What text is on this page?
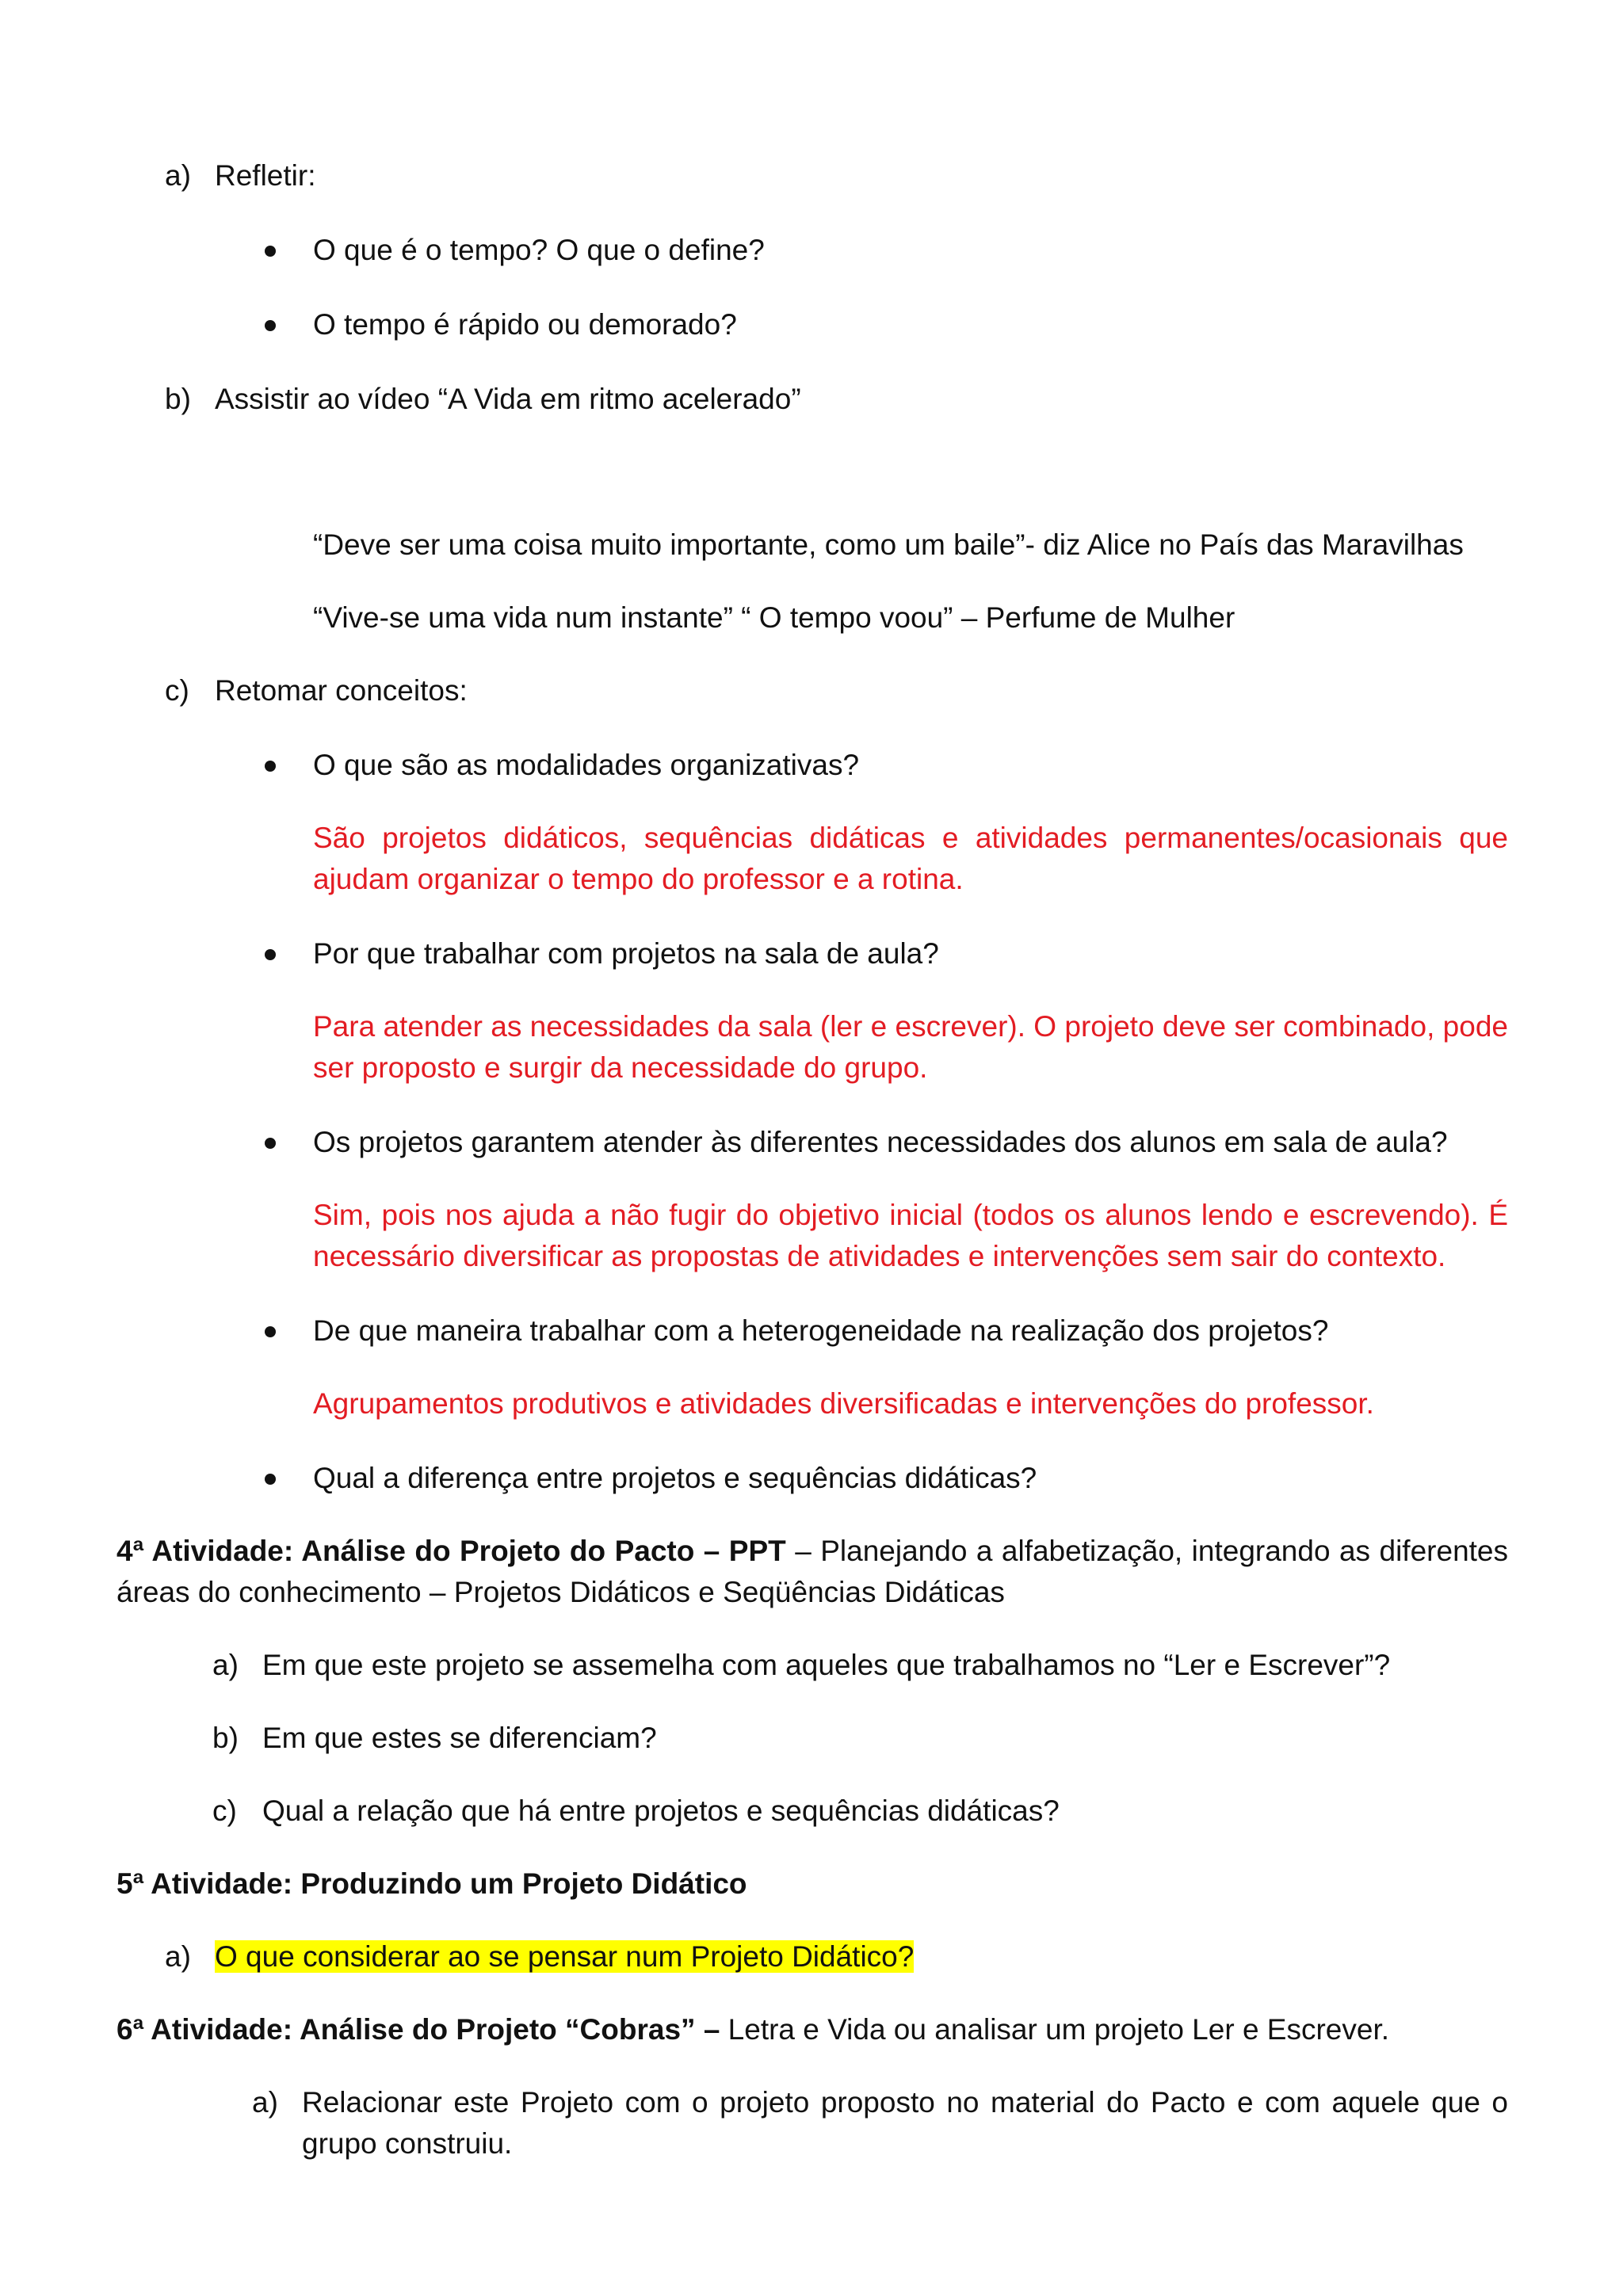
a) Refletir:
O que é o tempo? O que o define?
O tempo é rápido ou demorado?
b) Assistir ao vídeo “A Vida em ritmo acelerado”
“Deve ser uma coisa muito importante, como um baile”- diz Alice no País das Maravilhas
“Vive-se uma vida num instante” “ O tempo voou” – Perfume de Mulher
c) Retomar conceitos:
O que são as modalidades organizativas?
São projetos didáticos, sequências didáticas e atividades permanentes/ocasionais que ajudam organizar o tempo do professor e a rotina.
Por que trabalhar com projetos na sala de aula?
Para atender as necessidades da sala (ler e escrever). O projeto deve ser combinado, pode ser proposto e surgir da necessidade do grupo.
Os projetos garantem atender às diferentes necessidades dos alunos em sala de aula?
Sim, pois nos ajuda a não fugir do objetivo inicial (todos os alunos lendo e escrevendo). É necessário diversificar as propostas de atividades e intervenções sem sair do contexto.
De que maneira trabalhar com a heterogeneidade na realização dos projetos?
Agrupamentos produtivos e atividades diversificadas e intervenções do professor.
Qual a diferença entre projetos e sequências didáticas?
4ª Atividade: Análise do Projeto do Pacto – PPT – Planejando a alfabetização, integrando as diferentes áreas do conhecimento – Projetos Didáticos e Seqüências Didáticas
a) Em que este projeto se assemelha com aqueles que trabalhamos no “Ler e Escrever”?
b) Em que estes se diferenciam?
c) Qual a relação que há entre projetos e sequências didáticas?
5ª Atividade: Produzindo um Projeto Didático
a) O que considerar ao se pensar num Projeto Didático?
6ª Atividade: Análise do Projeto “Cobras” – Letra e Vida ou analisar um projeto Ler e Escrever.
a) Relacionar este Projeto com o projeto proposto no material do Pacto e com aquele que o grupo construiu.
